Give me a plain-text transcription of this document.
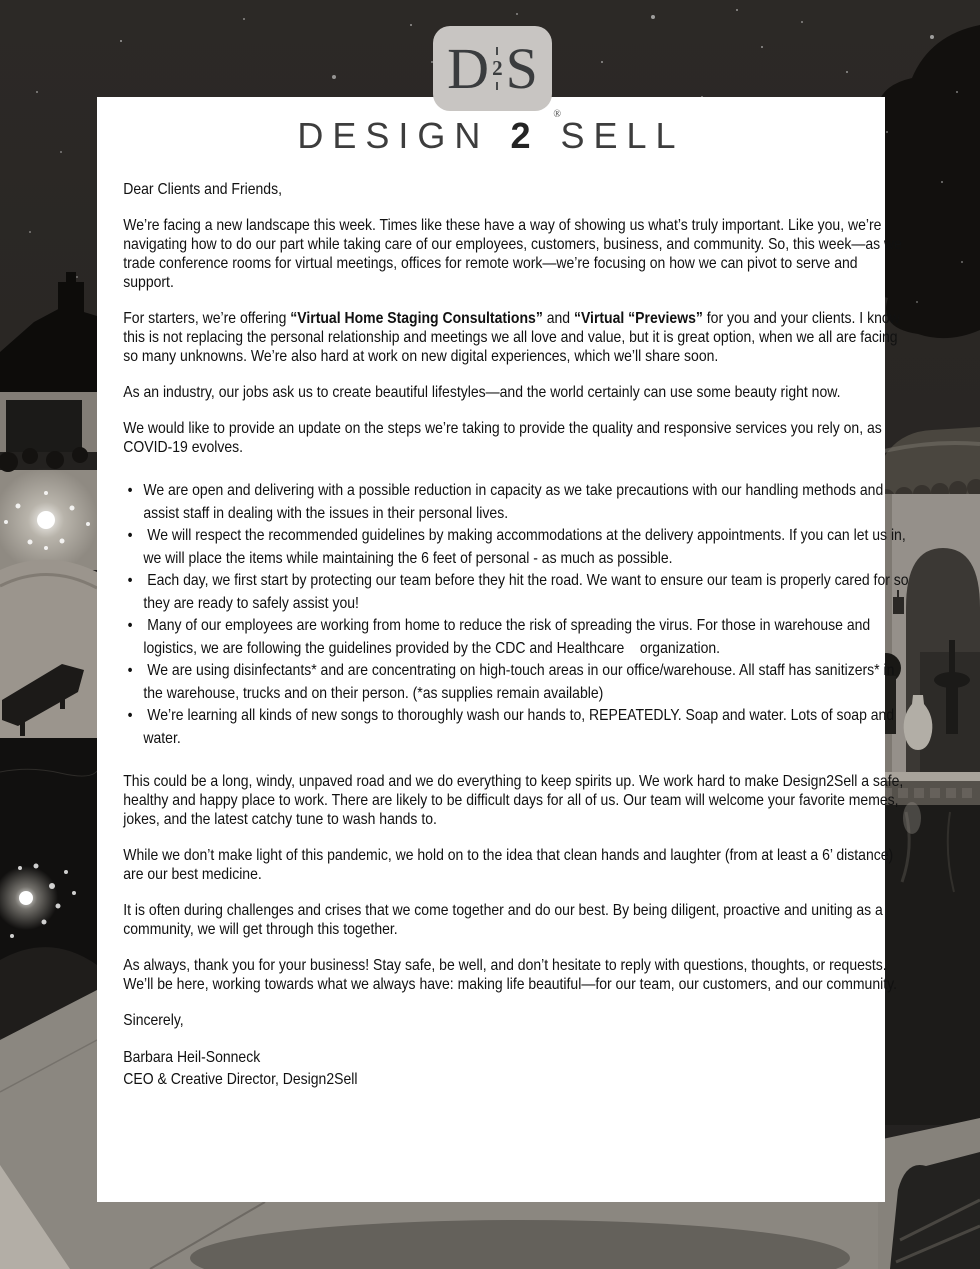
DESIGN 2 SELL

Dear Clients and Friends,

We’re facing a new landscape this week. Times like these have a way of showing us what’s truly important. Like you, we’re navigating how to do our part while taking care of our employees, customers, business, and community. So, this week—as we trade conference rooms for virtual meetings, offices for remote work—we’re focusing on how we can pivot to serve and support.

For starters, we’re offering “Virtual Home Staging Consultations” and “Virtual “Previews” for you and your clients. I know this is not replacing the personal relationship and meetings we all love and value, but it is great option, when we all are facing so many unknowns. We’re also hard at work on new digital experiences, which we’ll share soon.

As an industry, our jobs ask us to create beautiful lifestyles—and the world certainly can use some beauty right now.

We would like to provide an update on the steps we’re taking to provide the quality and responsive services you rely on, as COVID-19 evolves.

• We are open and delivering with a possible reduction in capacity as we take precautions with our handling methods and assist staff in dealing with the issues in their personal lives.
• We will respect the recommended guidelines by making accommodations at the delivery appointments. If you can let us in, we will place the items while maintaining the 6 feet of personal - as much as possible.
• Each day, we first start by protecting our team before they hit the road. We want to ensure our team is properly cared for so they are ready to safely assist you!
• Many of our employees are working from home to reduce the risk of spreading the virus. For those in warehouse and logistics, we are following the guidelines provided by the CDC and Healthcare    organization.
• We are using disinfectants* and are concentrating on high-touch areas in our office/warehouse. All staff has sanitizers* in the warehouse, trucks and on their person. (*as supplies remain available)
• We’re learning all kinds of new songs to thoroughly wash our hands to, REPEATEDLY. Soap and water. Lots of soap and water.

This could be a long, windy, unpaved road and we do everything to keep spirits up. We work hard to make Design2Sell a safe, healthy and happy place to work. There are likely to be difficult days for all of us. Our team will welcome your favorite memes, jokes, and the latest catchy tune to wash hands to.

While we don’t make light of this pandemic, we hold on to the idea that clean hands and laughter (from at least a 6’ distance) are our best medicine.

It is often during challenges and crises that we come together and do our best. By being diligent, proactive and uniting as a community, we will get through this together.

As always, thank you for your business! Stay safe, be well, and don’t hesitate to reply with questions, thoughts, or requests. We’ll be here, working towards what we always have: making life beautiful—for our team, our customers, and our community.

Sincerely,

Barbara Heil-Sonneck

CEO & Creative Director, Design2Sell

D 2 S
®
